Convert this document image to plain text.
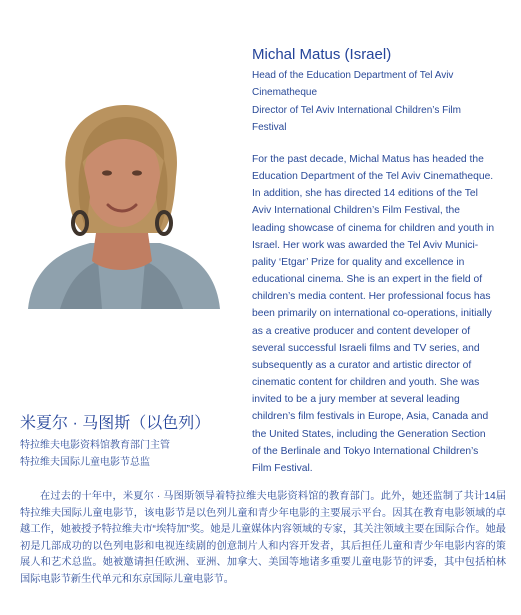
Michal Matus (Israel)
Head of the Education Department of Tel Aviv
Cinematheque
Director of Tel Aviv International Children’s Film
Festival

For the past decade, Michal Matus has headed the

Education Department of the Tel Aviv Cinematheque.

In addition, she has directed 14 editions of the Tel

Aviv International Children’s Film Festival, the

leading showcase of cinema for children and youth in

Israel. Her work was awarded the Tel Aviv Munici-

pality ‘Etgar’ Prize for quality and excellence in

educational cinema. She is an expert in the field of

children’s media content. Her professional focus has

been primarily on international co-operations, initially

as a creative producer and content developer of

several successful Israeli films and TV series, and

subsequently as a curator and artistic director of

cinematic content for children and youth. She was

invited to be a jury member at several leading

children’s film festivals in Europe, Asia, Canada and

the United States, including the Generation Section

of the Berlinale and Tokyo International Children’s

Film Festival.

米夏尔 · 马图斯（以色列）
特拉维夫电影资料馆教育部门主管
特拉维夫国际儿童电影节总监

在过去的十年中，米夏尔 · 马图斯领导着特拉维夫电影资料馆的教育部门。此外，她还监制了共计14届特拉维夫国际儿童电影节，该电影节是以色列儿童和青少年电影的主要展示平台。因其在教育电影领域的卓越工作，她被授予特拉维夫市“埃特加”奖。她是儿童媒体内容领域的专家，其关注领域主要在国际合作。她最初是几部成功的以色列电影和电视连续剧的创意制片人和内容开发者，其后担任儿童和青少年电影内容的策展人和艺术总监。她被邀请担任欧洲、亚洲、加拿大、美国等地诸多重要儿童电影节的评委，其中包括柏林国际电影节新生代单元和东京国际儿童电影节。
